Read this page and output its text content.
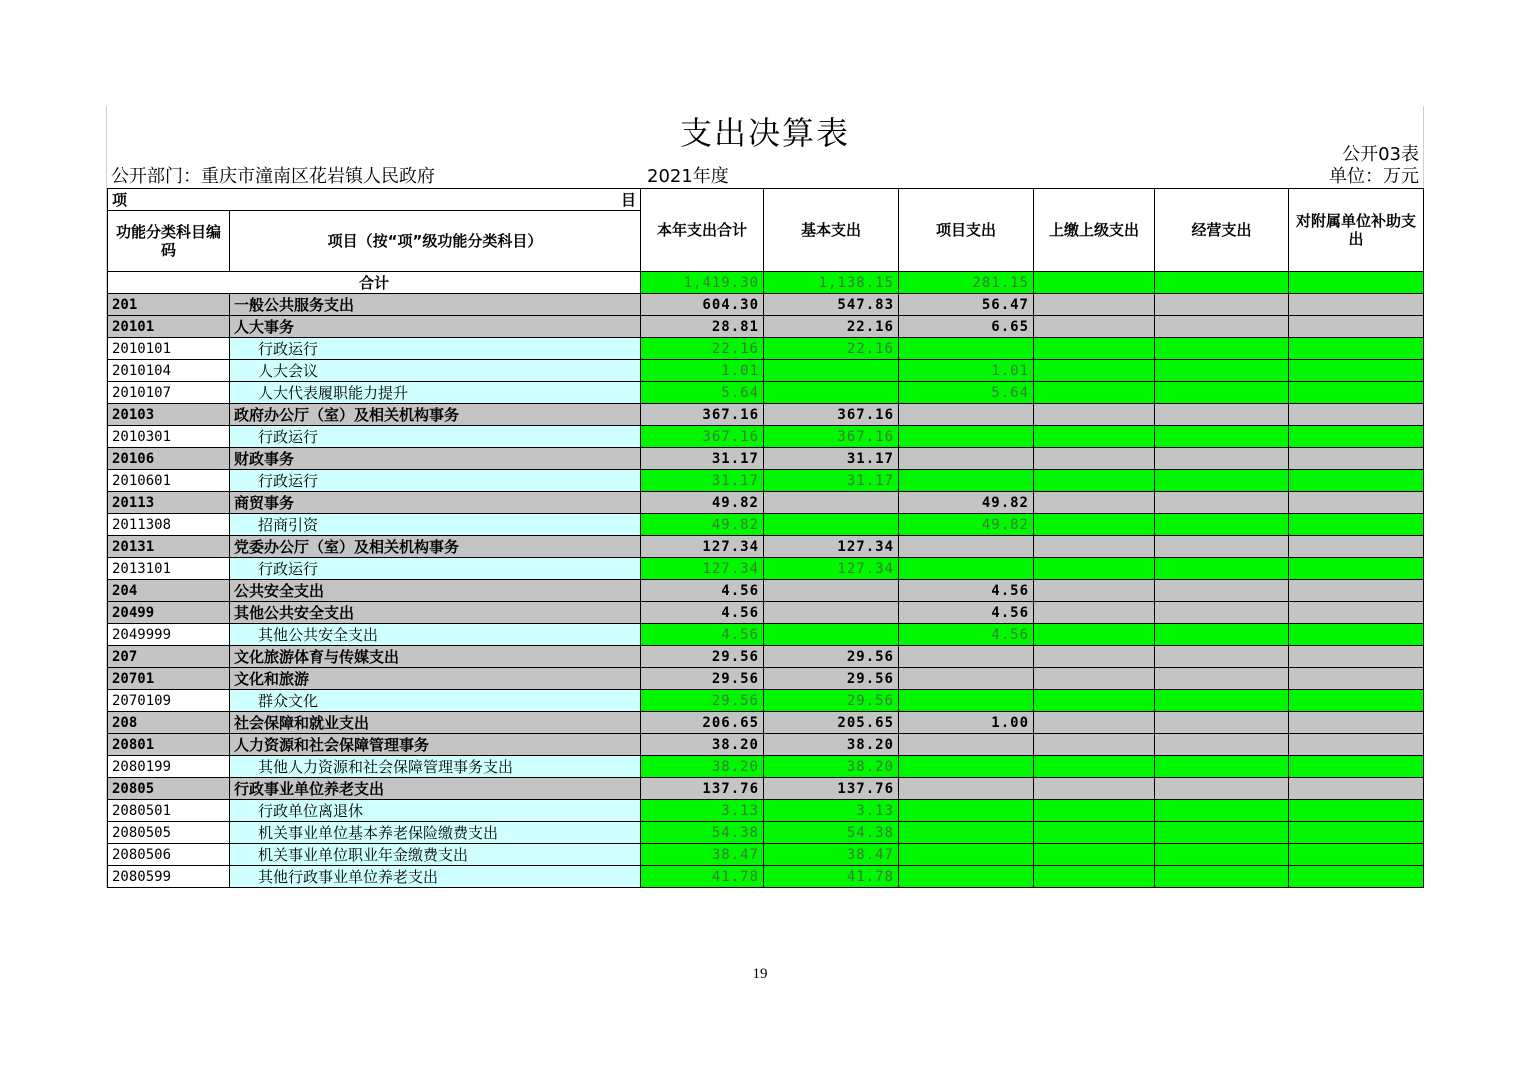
支出决算表
公开部门：重庆市潼南区花岩镇人民政府	2021年度
公开03表
单位：万元
项 目		本年支出合计	基本支出	项目支出	上缴上级支出	经营支出	对附属单位补助支出
功能分类科目编码	项目（按“项”级功能分类科目）						
合计		1,419.30	1,138.15	281.15			
201	一般公共服务支出	604.30	547.83	56.47			
20101	人大事务	28.81	22.16	6.65			
2010101	行政运行	22.16	22.16				
2010104	人大会议	1.01		1.01			
2010107	人大代表履职能力提升	5.64		5.64			
20103	政府办公厅（室）及相关机构事务	367.16	367.16				
2010301	行政运行	367.16	367.16				
20106	财政事务	31.17	31.17				
2010601	行政运行	31.17	31.17				
20113	商贸事务	49.82		49.82			
2011308	招商引资	49.82		49.82			
20131	党委办公厅（室）及相关机构事务	127.34	127.34				
2013101	行政运行	127.34	127.34				
204	公共安全支出	4.56		4.56			
20499	其他公共安全支出	4.56		4.56			
2049999	其他公共安全支出	4.56		4.56			
207	文化旅游体育与传媒支出	29.56	29.56				
20701	文化和旅游	29.56	29.56				
2070109	群众文化	29.56	29.56				
208	社会保障和就业支出	206.65	205.65	1.00			
20801	人力资源和社会保障管理事务	38.20	38.20				
2080199	其他人力资源和社会保障管理事务支出	38.20	38.20				
20805	行政事业单位养老支出	137.76	137.76				
2080501	行政单位离退休	3.13	3.13				
2080505	机关事业单位基本养老保险缴费支出	54.38	54.38				
2080506	机关事业单位职业年金缴费支出	38.47	38.47				
2080599	其他行政事业单位养老支出	41.78	41.78				
19
